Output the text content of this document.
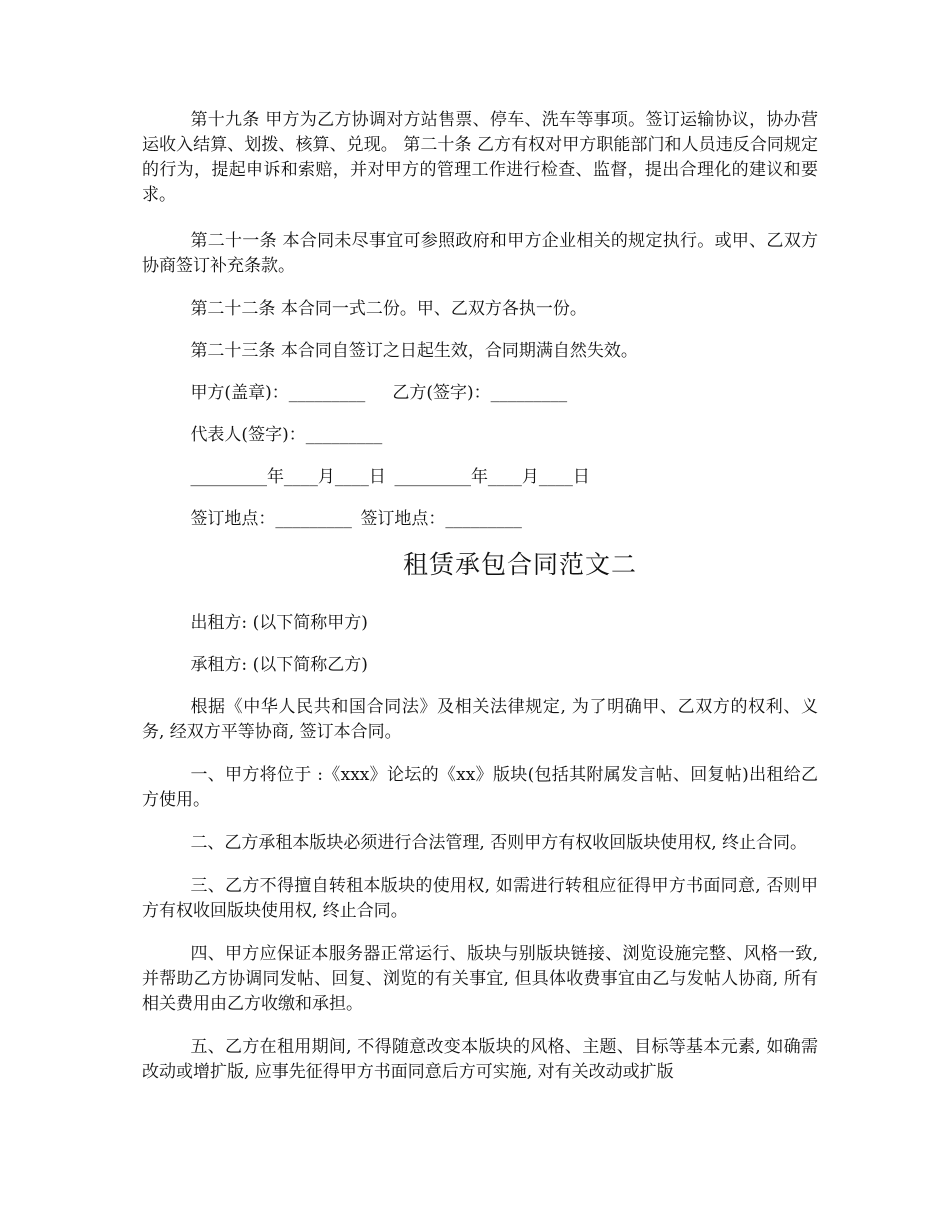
第十九条 甲方为乙方协调对方站售票、停车、洗车等事项。签订运输协议，协办营运收入结算、划拨、核算、兑现。 第二十条 乙方有权对甲方职能部门和人员违反合同规定的行为，提起申诉和索赔，并对甲方的管理工作进行检查、监督，提出合理化的建议和要求。

第二十一条 本合同未尽事宜可参照政府和甲方企业相关的规定执行。或甲、乙双方协商签订补充条款。

第二十二条 本合同一式二份。甲、乙双方各执一份。

第二十三条 本合同自签订之日起生效，合同期满自然失效。

甲方(盖章)：_________ 乙方(签字)：_________

代表人(签字)：_________

_________年____月____日 _________年____月____日

签订地点：_________ 签订地点：_________

租赁承包合同范文二

出租方: (以下简称甲方)

承租方: (以下简称乙方)

根据《中华人民共和国合同法》及相关法律规定, 为了明确甲、乙双方的权利、义务, 经双方平等协商, 签订本合同。

一、甲方将位于 :《xxx》论坛的《xx》版块(包括其附属发言帖、回复帖)出租给乙方使用。

二、乙方承租本版块必须进行合法管理, 否则甲方有权收回版块使用权, 终止合同。

三、乙方不得擅自转租本版块的使用权, 如需进行转租应征得甲方书面同意, 否则甲方有权收回版块使用权, 终止合同。

四、甲方应保证本服务器正常运行、版块与别版块链接、浏览设施完整、风格一致, 并帮助乙方协调同发帖、回复、浏览的有关事宜, 但具体收费事宜由乙与发帖人协商, 所有相关费用由乙方收缴和承担。

五、乙方在租用期间, 不得随意改变本版块的风格、主题、目标等基本元素, 如确需改动或增扩版, 应事先征得甲方书面同意后方可实施, 对有关改动或扩版
